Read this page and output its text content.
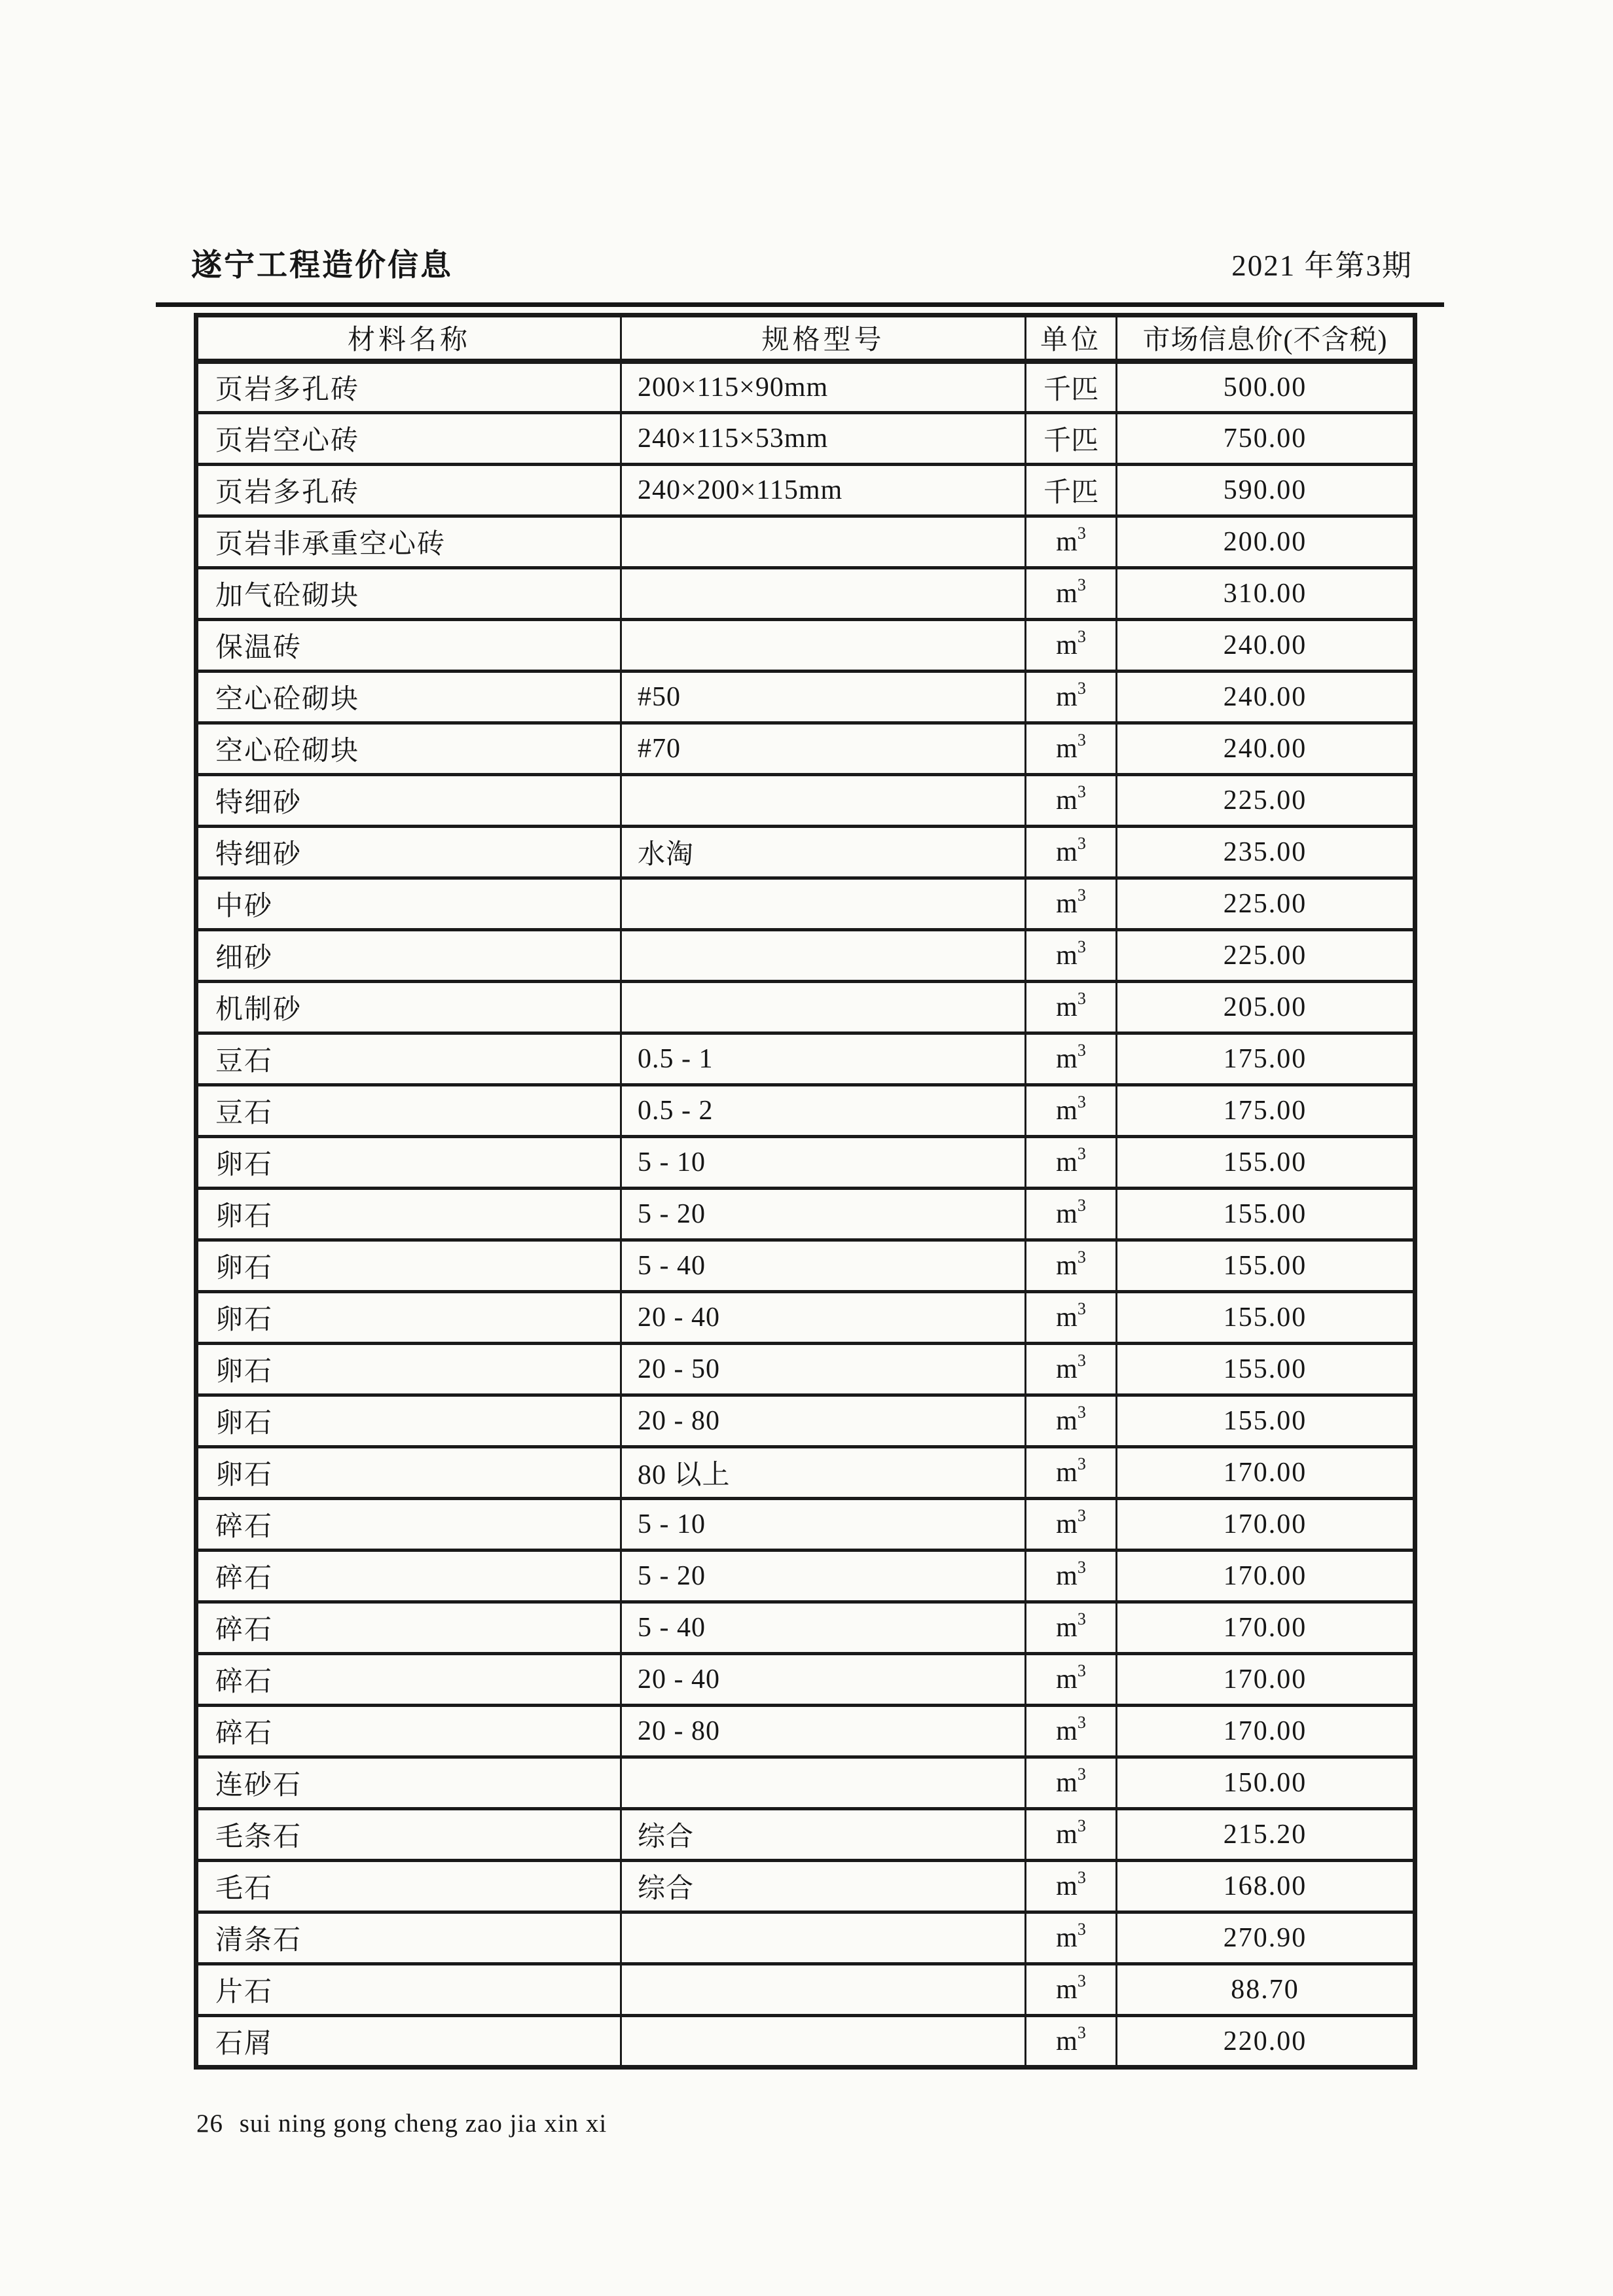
遂宁工程造价信息	2021 年第3期
材料名称	规格型号	单位	市场信息价(不含税)
页岩多孔砖	200×115×90mm	千匹	500.00
页岩空心砖	240×115×53mm	千匹	750.00
页岩多孔砖	240×200×115mm	千匹	590.00
页岩非承重空心砖		$m^3$	200.00
加气砼砌块		$m^3$	310.00
保温砖		$m^3$	240.00
空心砼砌块	#50	$m^3$	240.00
空心砼砌块	#70	$m^3$	240.00
特细砂		$m^3$	225.00
特细砂	水淘	$m^3$	235.00
中砂		$m^3$	225.00
细砂		$m^3$	225.00
机制砂		$m^3$	205.00
豆石	0.5 - 1	$m^3$	175.00
豆石	0.5 - 2	$m^3$	175.00
卵石	5 - 10	$m^3$	155.00
卵石	5 - 20	$m^3$	155.00
卵石	5 - 40	$m^3$	155.00
卵石	20 - 40	$m^3$	155.00
卵石	20 - 50	$m^3$	155.00
卵石	20 - 80	$m^3$	155.00
卵石	80 以上	$m^3$	170.00
碎石	5 - 10	$m^3$	170.00
碎石	5 - 20	$m^3$	170.00
碎石	5 - 40	$m^3$	170.00
碎石	20 - 40	$m^3$	170.00
碎石	20 - 80	$m^3$	170.00
连砂石		$m^3$	150.00
毛条石	综合	$m^3$	215.20
毛石	综合	$m^3$	168.00
清条石		$m^3$	270.90
片石		$m^3$	88.70
石屑		$m^3$	220.00
26 sui ning gong cheng zao jia xin xi
